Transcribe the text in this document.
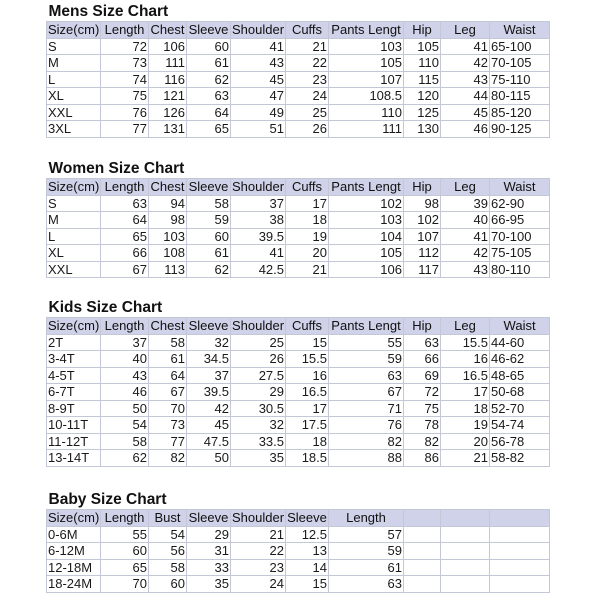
Mens Size Chart									
Size(cm)	Length	Chest	Sleeve	Shoulder	Cuffs	Pants Lengt	Hip	Leg	Waist
S	72	106	60	41	21	103	105	41	65-100
M	73	111	61	43	22	105	110	42	70-105
L	74	116	62	45	23	107	115	43	75-110
XL	75	121	63	47	24	108.5	120	44	80-115
XXL	76	126	64	49	25	110	125	45	85-120
3XL	77	131	65	51	26	111	130	46	90-125
Women Size Chart									
Size(cm)	Length	Chest	Sleeve	Shoulder	Cuffs	Pants Lengt	Hip	Leg	Waist
S	63	94	58	37	17	102	98	39	62-90
M	64	98	59	38	18	103	102	40	66-95
L	65	103	60	39.5	19	104	107	41	70-100
XL	66	108	61	41	20	105	112	42	75-105
XXL	67	113	62	42.5	21	106	117	43	80-110
Kids Size Chart									
Size(cm)	Length	Chest	Sleeve	Shoulder	Cuffs	Pants Lengt	Hip	Leg	Waist
2T	37	58	32	25	15	55	63	15.5	44-60
3-4T	40	61	34.5	26	15.5	59	66	16	46-62
4-5T	43	64	37	27.5	16	63	69	16.5	48-65
6-7T	46	67	39.5	29	16.5	67	72	17	50-68
8-9T	50	70	42	30.5	17	71	75	18	52-70
10-11T	54	73	45	32	17.5	76	78	19	54-74
11-12T	58	77	47.5	33.5	18	82	82	20	56-78
13-14T	62	82	50	35	18.5	88	86	21	58-82
Baby Size Chart									
Size(cm)	Length	Bust	Sleeve	Shoulder	Sleeve	Length			
0-6M	55	54	29	21	12.5	57			
6-12M	60	56	31	22	13	59			
12-18M	65	58	33	23	14	61			
18-24M	70	60	35	24	15	63			
